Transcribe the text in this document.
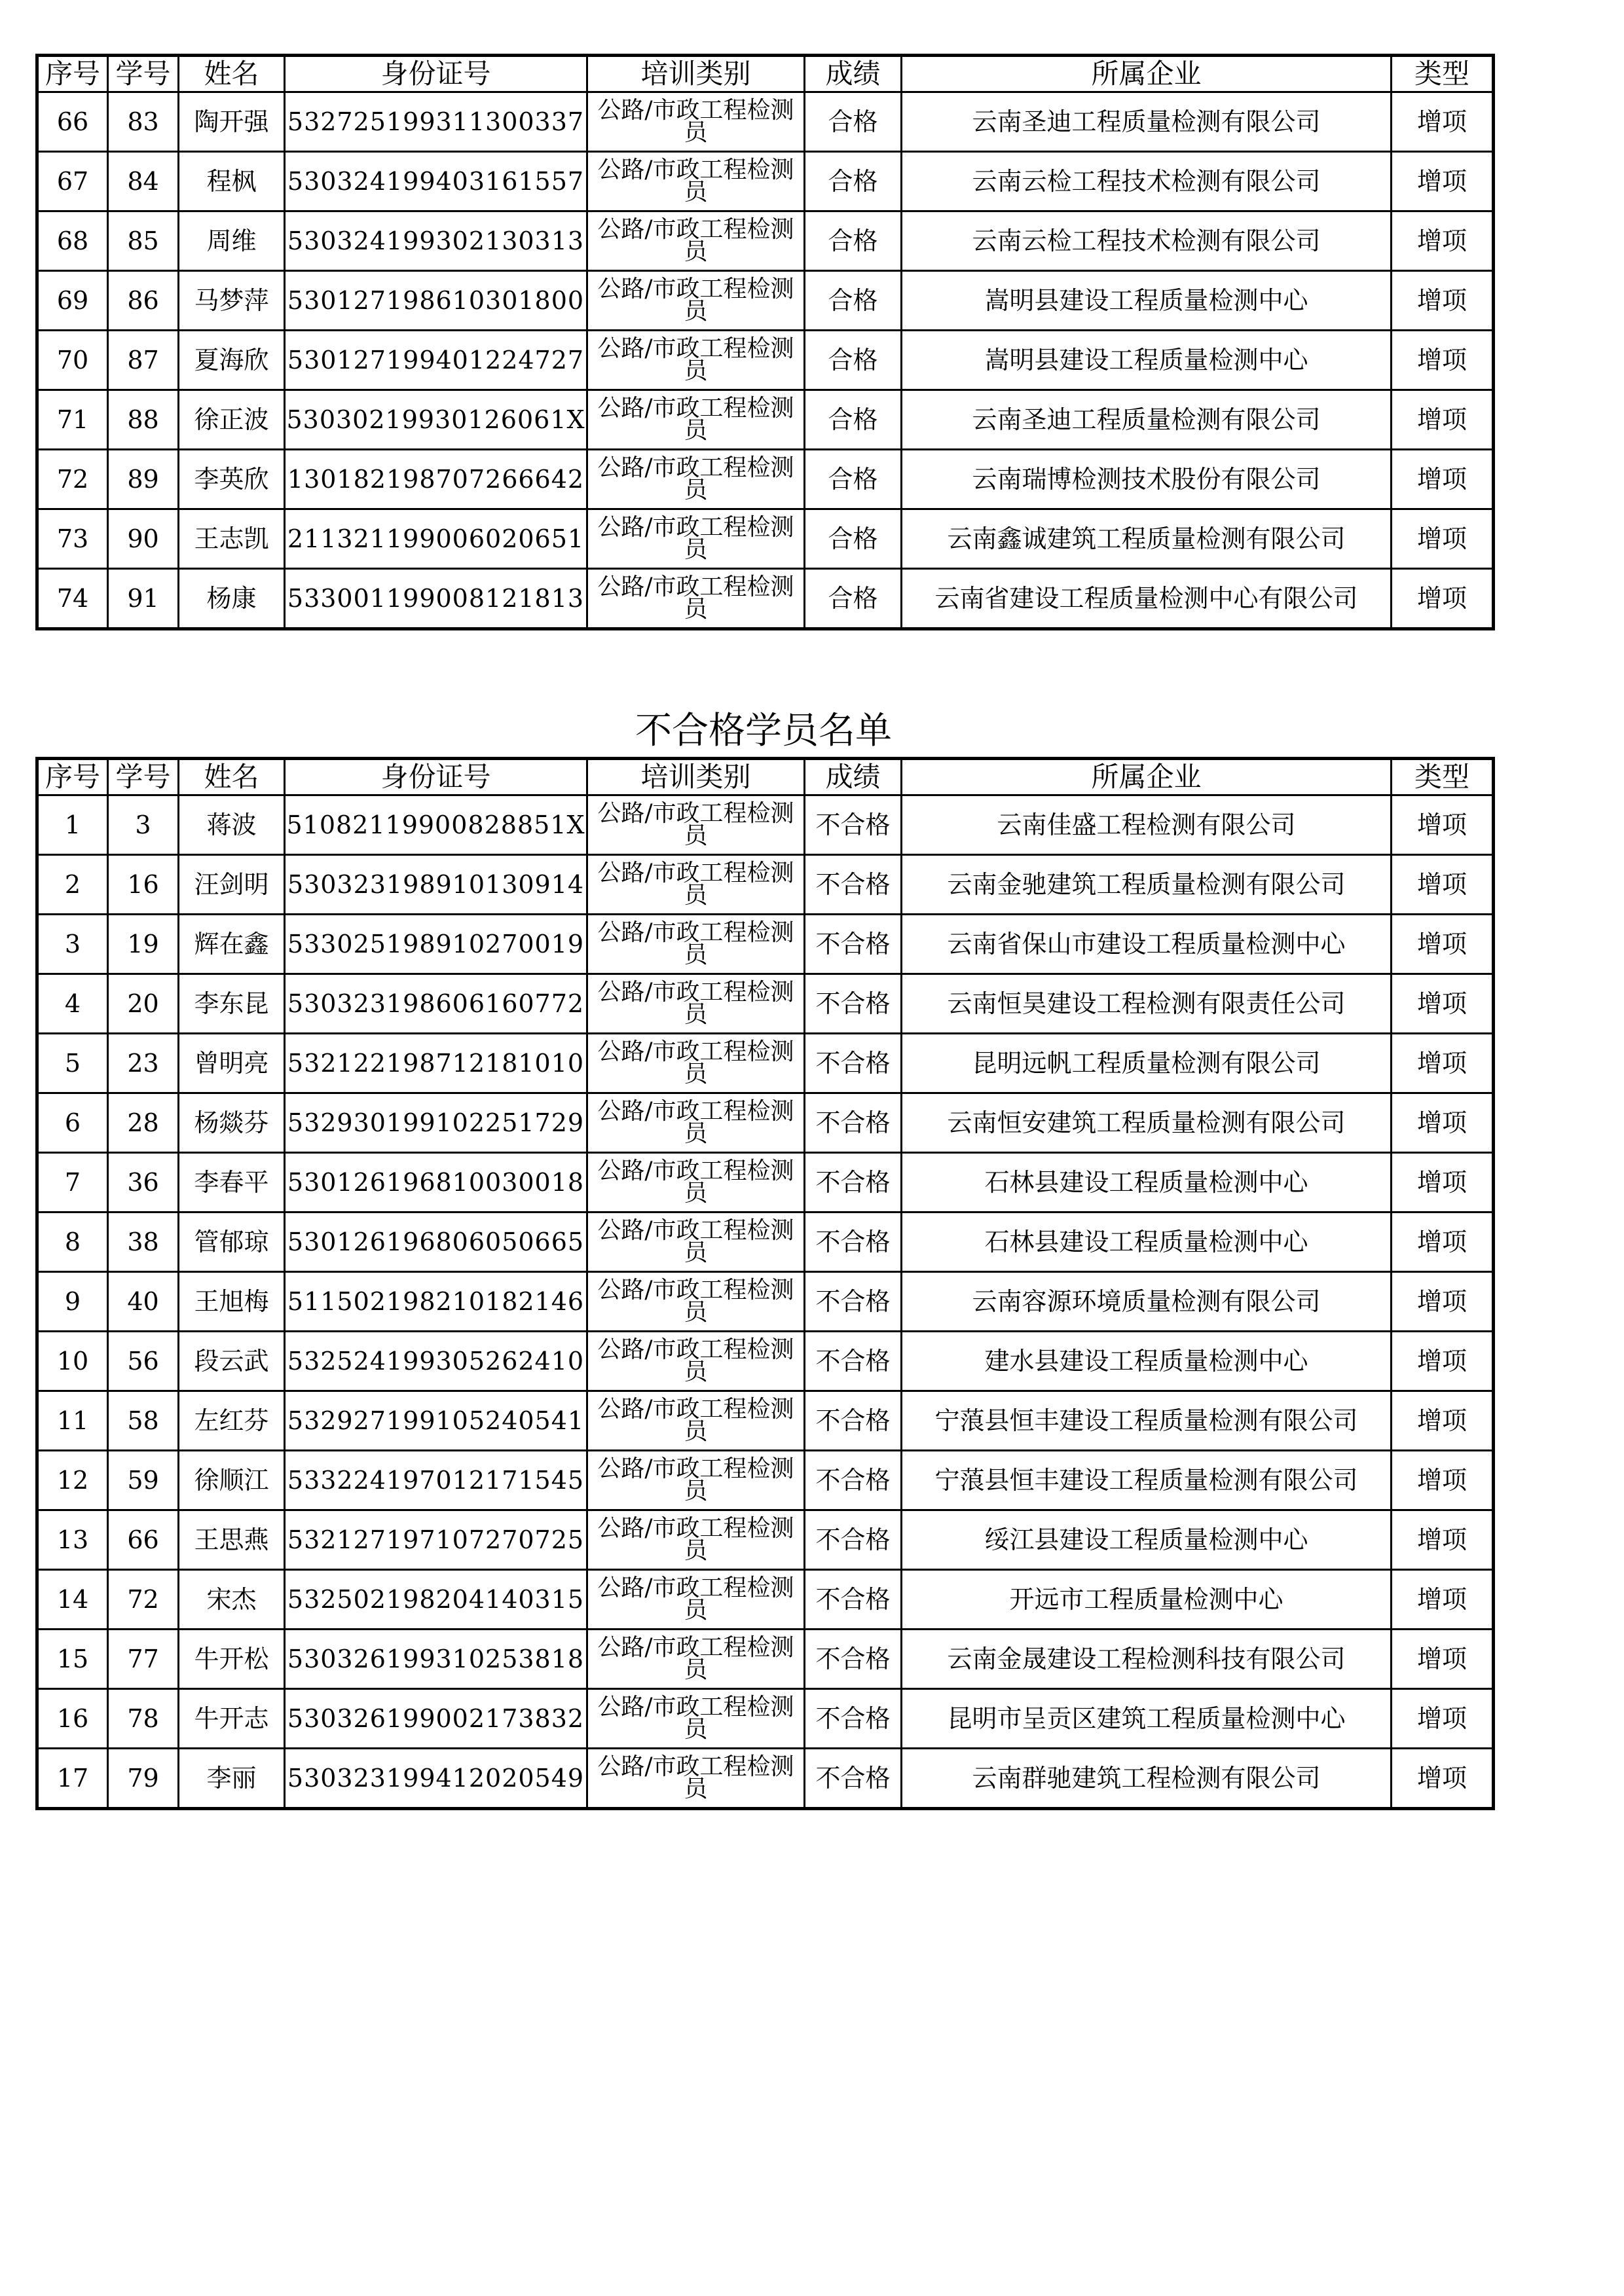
序号	学号	姓名	身份证号	培训类别	成绩	所属企业	类型
66	83	陶开强	532725199311300337	公路/市政工程检测员	合格	云南圣迪工程质量检测有限公司	增项
67	84	程枫	530324199403161557	公路/市政工程检测员	合格	云南云检工程技术检测有限公司	增项
68	85	周维	530324199302130313	公路/市政工程检测员	合格	云南云检工程技术检测有限公司	增项
69	86	马梦萍	530127198610301800	公路/市政工程检测员	合格	嵩明县建设工程质量检测中心	增项
70	87	夏海欣	530127199401224727	公路/市政工程检测员	合格	嵩明县建设工程质量检测中心	增项
71	88	徐正波	53030219930126061X	公路/市政工程检测员	合格	云南圣迪工程质量检测有限公司	增项
72	89	李英欣	130182198707266642	公路/市政工程检测员	合格	云南瑞博检测技术股份有限公司	增项
73	90	王志凯	211321199006020651	公路/市政工程检测员	合格	云南鑫诚建筑工程质量检测有限公司	增项
74	91	杨康	533001199008121813	公路/市政工程检测员	合格	云南省建设工程质量检测中心有限公司	增项
不合格学员名单
序号	学号	姓名	身份证号	培训类别	成绩	所属企业	类型
1	3	蒋波	51082119900828851X	公路/市政工程检测员	不合格	云南佳盛工程检测有限公司	增项
2	16	汪剑明	530323198910130914	公路/市政工程检测员	不合格	云南金驰建筑工程质量检测有限公司	增项
3	19	辉在鑫	533025198910270019	公路/市政工程检测员	不合格	云南省保山市建设工程质量检测中心	增项
4	20	李东昆	530323198606160772	公路/市政工程检测员	不合格	云南恒昊建设工程检测有限责任公司	增项
5	23	曾明亮	532122198712181010	公路/市政工程检测员	不合格	昆明远帆工程质量检测有限公司	增项
6	28	杨燚芬	532930199102251729	公路/市政工程检测员	不合格	云南恒安建筑工程质量检测有限公司	增项
7	36	李春平	530126196810030018	公路/市政工程检测员	不合格	石林县建设工程质量检测中心	增项
8	38	管郁琼	530126196806050665	公路/市政工程检测员	不合格	石林县建设工程质量检测中心	增项
9	40	王旭梅	511502198210182146	公路/市政工程检测员	不合格	云南容源环境质量检测有限公司	增项
10	56	段云武	532524199305262410	公路/市政工程检测员	不合格	建水县建设工程质量检测中心	增项
11	58	左红芬	532927199105240541	公路/市政工程检测员	不合格	宁蒗县恒丰建设工程质量检测有限公司	增项
12	59	徐顺江	533224197012171545	公路/市政工程检测员	不合格	宁蒗县恒丰建设工程质量检测有限公司	增项
13	66	王思燕	532127197107270725	公路/市政工程检测员	不合格	绥江县建设工程质量检测中心	增项
14	72	宋杰	532502198204140315	公路/市政工程检测员	不合格	开远市工程质量检测中心	增项
15	77	牛开松	530326199310253818	公路/市政工程检测员	不合格	云南金晟建设工程检测科技有限公司	增项
16	78	牛开志	530326199002173832	公路/市政工程检测员	不合格	昆明市呈贡区建筑工程质量检测中心	增项
17	79	李丽	530323199412020549	公路/市政工程检测员	不合格	云南群驰建筑工程检测有限公司	增项
